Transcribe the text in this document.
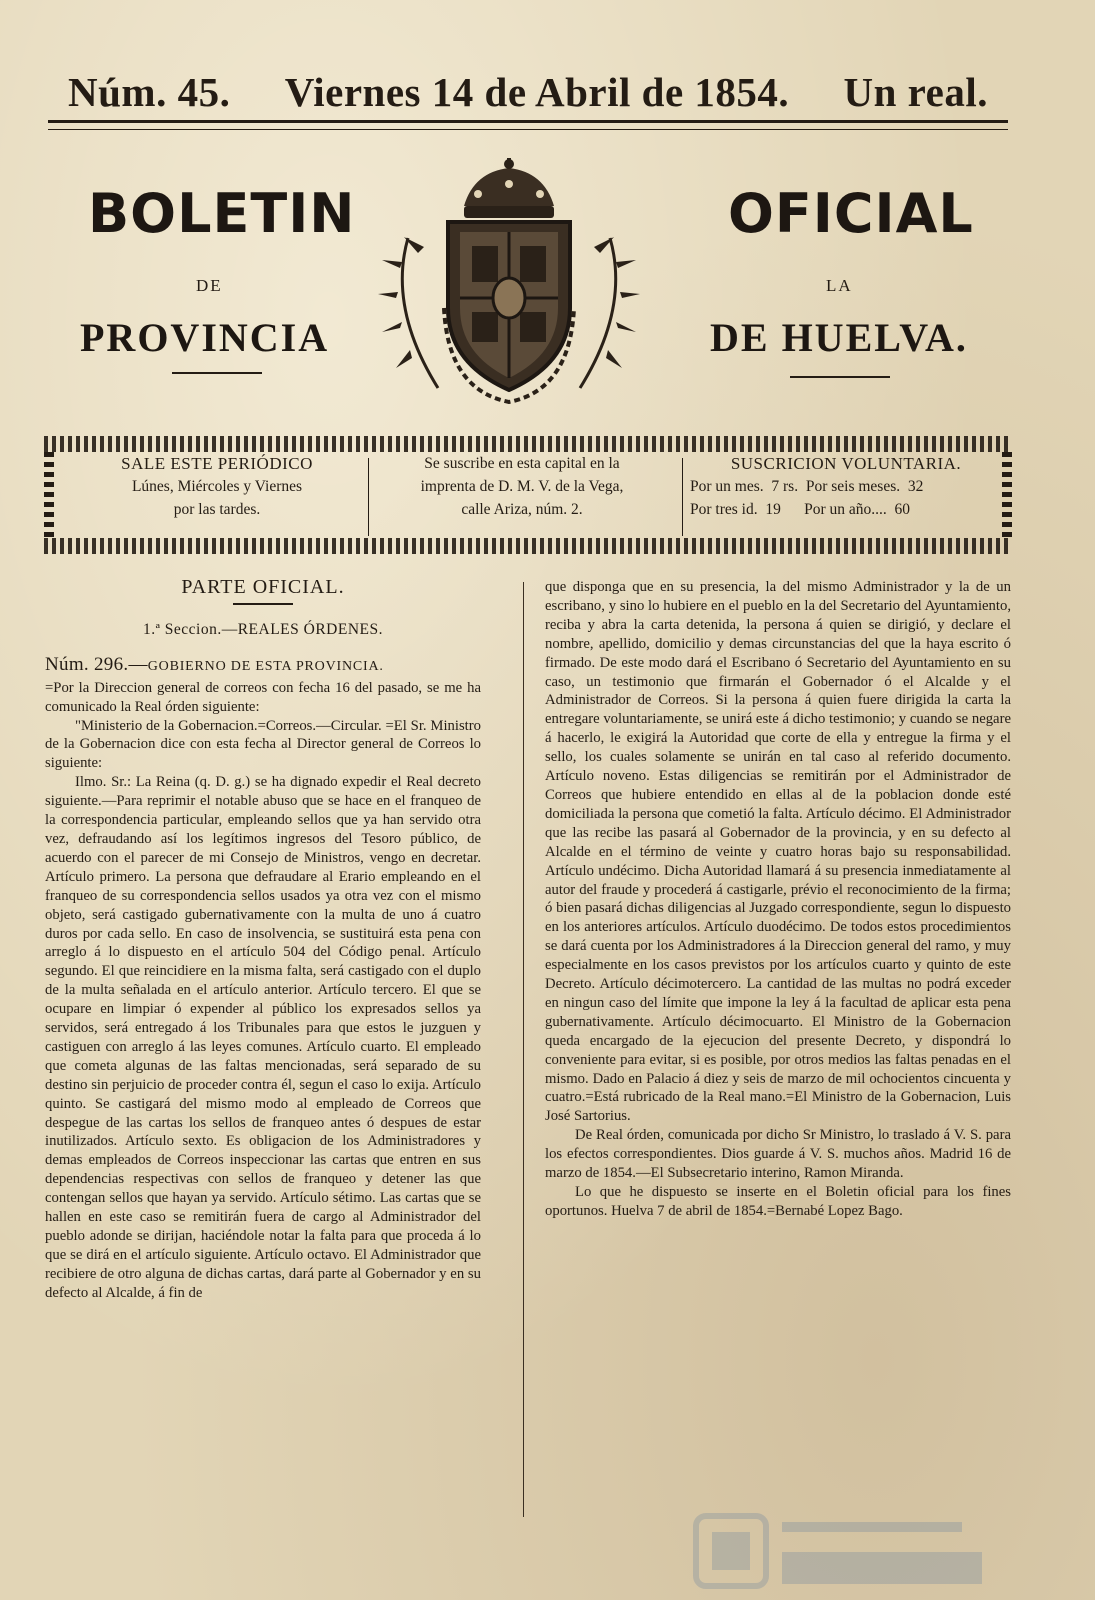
Núm. 45. Viernes 14 de Abril de 1854. Un real.
BOLETIN
DE
PROVINCIA
OFICIAL
LA
DE HUELVA.
SALE ESTE PERIÓDICO
Lúnes, Miércoles y Viernes
por las tardes.
Se suscribe en esta capital en la
imprenta de D. M. V. de la Vega,
calle Ariza, núm. 2.
SUSCRICION VOLUNTARIA.
Por un mes.  7 rs.  Por seis meses.  32
Por tres id.  19      Por un año....  60
PARTE OFICIAL.
1.ª Seccion.—REALES ÓRDENES.
Núm. 296.—GOBIERNO DE ESTA PROVINCIA.

=Por la Direccion general de correos con fecha 16 del pasado, se me ha comunicado la Real órden siguiente:

"Ministerio de la Gobernacion.=Correos.—Circular. =El Sr. Ministro de la Gobernacion dice con esta fecha al Director general de Correos lo siguiente:

Ilmo. Sr.: La Reina (q. D. g.) se ha dignado expedir el Real decreto siguiente.—Para reprimir el notable abuso que se hace en el franqueo de la correspondencia particular, empleando sellos que ya han servido otra vez, defraudando así los legítimos ingresos del Tesoro público, de acuerdo con el parecer de mi Consejo de Ministros, vengo en decretar. Artículo primero. La persona que defraudare al Erario empleando en el franqueo de su correspondencia sellos usados ya otra vez con el mismo objeto, será castigado gubernativamente con la multa de uno á cuatro duros por cada sello. En caso de insolvencia, se sustituirá esta pena con arreglo á lo dispuesto en el artículo 504 del Código penal. Artículo segundo. El que reincidiere en la misma falta, será castigado con el duplo de la multa señalada en el artículo anterior. Artículo tercero. El que se ocupare en limpiar ó expender al público los expresados sellos ya servidos, será entregado á los Tribunales para que estos le juzguen y castiguen con arreglo á las leyes comunes. Artículo cuarto. El empleado que cometa algunas de las faltas mencionadas, será separado de su destino sin perjuicio de proceder contra él, segun el caso lo exija. Artículo quinto. Se castigará del mismo modo al empleado de Correos que despegue de las cartas los sellos de franqueo antes ó despues de estar inutilizados. Artículo sexto. Es obligacion de los Administradores y demas empleados de Correos inspeccionar las cartas que entren en sus dependencias respectivas con sellos de franqueo y detener las que contengan sellos que hayan ya servido. Artículo sétimo. Las cartas que se hallen en este caso se remitirán fuera de cargo al Administrador del pueblo adonde se dirijan, haciéndole notar la falta para que proceda á lo que se dirá en el artículo siguiente. Artículo octavo. El Administrador que recibiere de otro alguna de dichas cartas, dará parte al Gobernador y en su defecto al Alcalde, á fin de

que disponga que en su presencia, la del mismo Administrador y la de un escribano, y sino lo hubiere en el pueblo en la del Secretario del Ayuntamiento, reciba y abra la carta detenida, la persona á quien se dirigió, y declare el nombre, apellido, domicilio y demas circunstancias del que la haya escrito ó firmado. De este modo dará el Escribano ó Secretario del Ayuntamiento en su caso, un testimonio que firmarán el Gobernador ó el Alcalde y el Administrador de Correos. Si la persona á quien fuere dirigida la carta la entregare voluntariamente, se unirá este á dicho testimonio; y cuando se negare á hacerlo, le exigirá la Autoridad que corte de ella y entregue la firma y el sello, los cuales solamente se unirán en tal caso al referido documento. Artículo noveno. Estas diligencias se remitirán por el Administrador de Correos que hubiere entendido en ellas al de la poblacion donde esté domiciliada la persona que cometió la falta. Artículo décimo. El Administrador que las recibe las pasará al Gobernador de la provincia, y en su defecto al Alcalde en el término de veinte y cuatro horas bajo su responsabilidad. Artículo undécimo. Dicha Autoridad llamará á su presencia inmediatamente al autor del fraude y procederá á castigarle, prévio el reconocimiento de la firma; ó bien pasará dichas diligencias al Juzgado correspondiente, segun lo dispuesto en los anteriores artículos. Artículo duodécimo. De todos estos procedimientos se dará cuenta por los Administradores á la Direccion general del ramo, y muy especialmente en los casos previstos por los artículos cuarto y quinto de este Decreto. Artículo décimotercero. La cantidad de las multas no podrá exceder en ningun caso del límite que impone la ley á la facultad de aplicar esta pena gubernativamente. Artículo décimocuarto. El Ministro de la Gobernacion queda encargado de la ejecucion del presente Decreto, y dispondrá lo conveniente para evitar, si es posible, por otros medios las faltas penadas en el mismo. Dado en Palacio á diez y seis de marzo de mil ochocientos cincuenta y cuatro.=Está rubricado de la Real mano.=El Ministro de la Gobernacion, Luis José Sartorius.

De Real órden, comunicada por dicho Sr Ministro, lo traslado á V. S. para los efectos correspondientes. Dios guarde á V. S. muchos años. Madrid 16 de marzo de 1854.—El Subsecretario interino, Ramon Miranda.

Lo que he dispuesto se inserte en el Boletin oficial para los fines oportunos. Huelva 7 de abril de 1854.=Bernabé Lopez Bago.
